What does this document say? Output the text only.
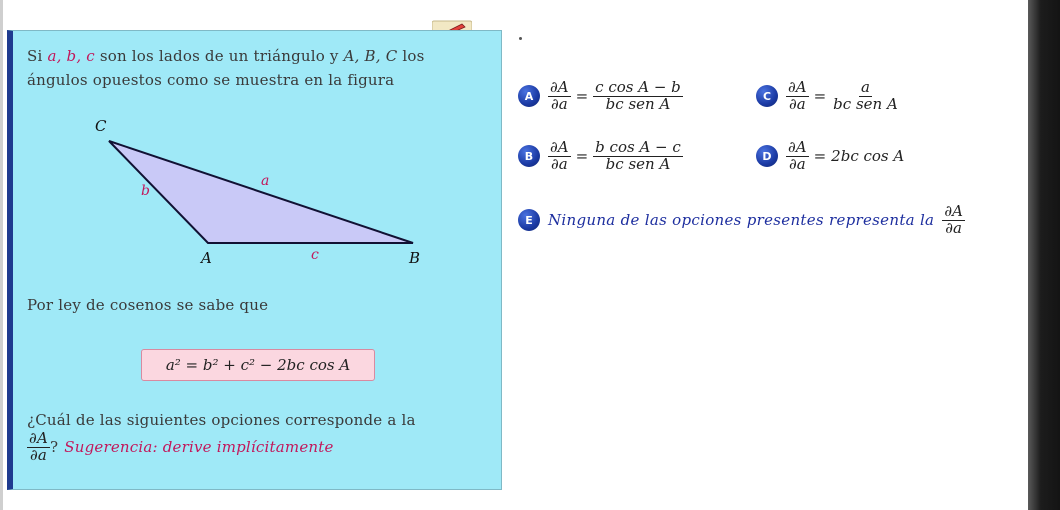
Si a, b, c son los lados de un triángulo y A, B, C los
ángulos opuestos como se muestra en la figura
C
A	B
b
a
c
Por ley de cosenos se sabe que
a² = b² + c² − 2bc cos A
¿Cuál de las siguientes opciones corresponde a la
$\frac{\partial A}{\partial a}$ ? Sugerencia: derive implícitamente
A $\frac{\partial A}{\partial a} = \frac{\text{c cos A − b}}{\text{bc sen A}}$	C $\frac{\partial A}{\partial a} = \frac{a}{\text{bc sen A}}$
B $\frac{\partial A}{\partial a} = \frac{\text{b cos A − c}}{\text{bc sen A}}$	D $\frac{\partial A}{\partial a} = 2bc$ cos A
E	Ninguna de las opciones presentes representa la $\frac{\partial A}{\partial a}$
